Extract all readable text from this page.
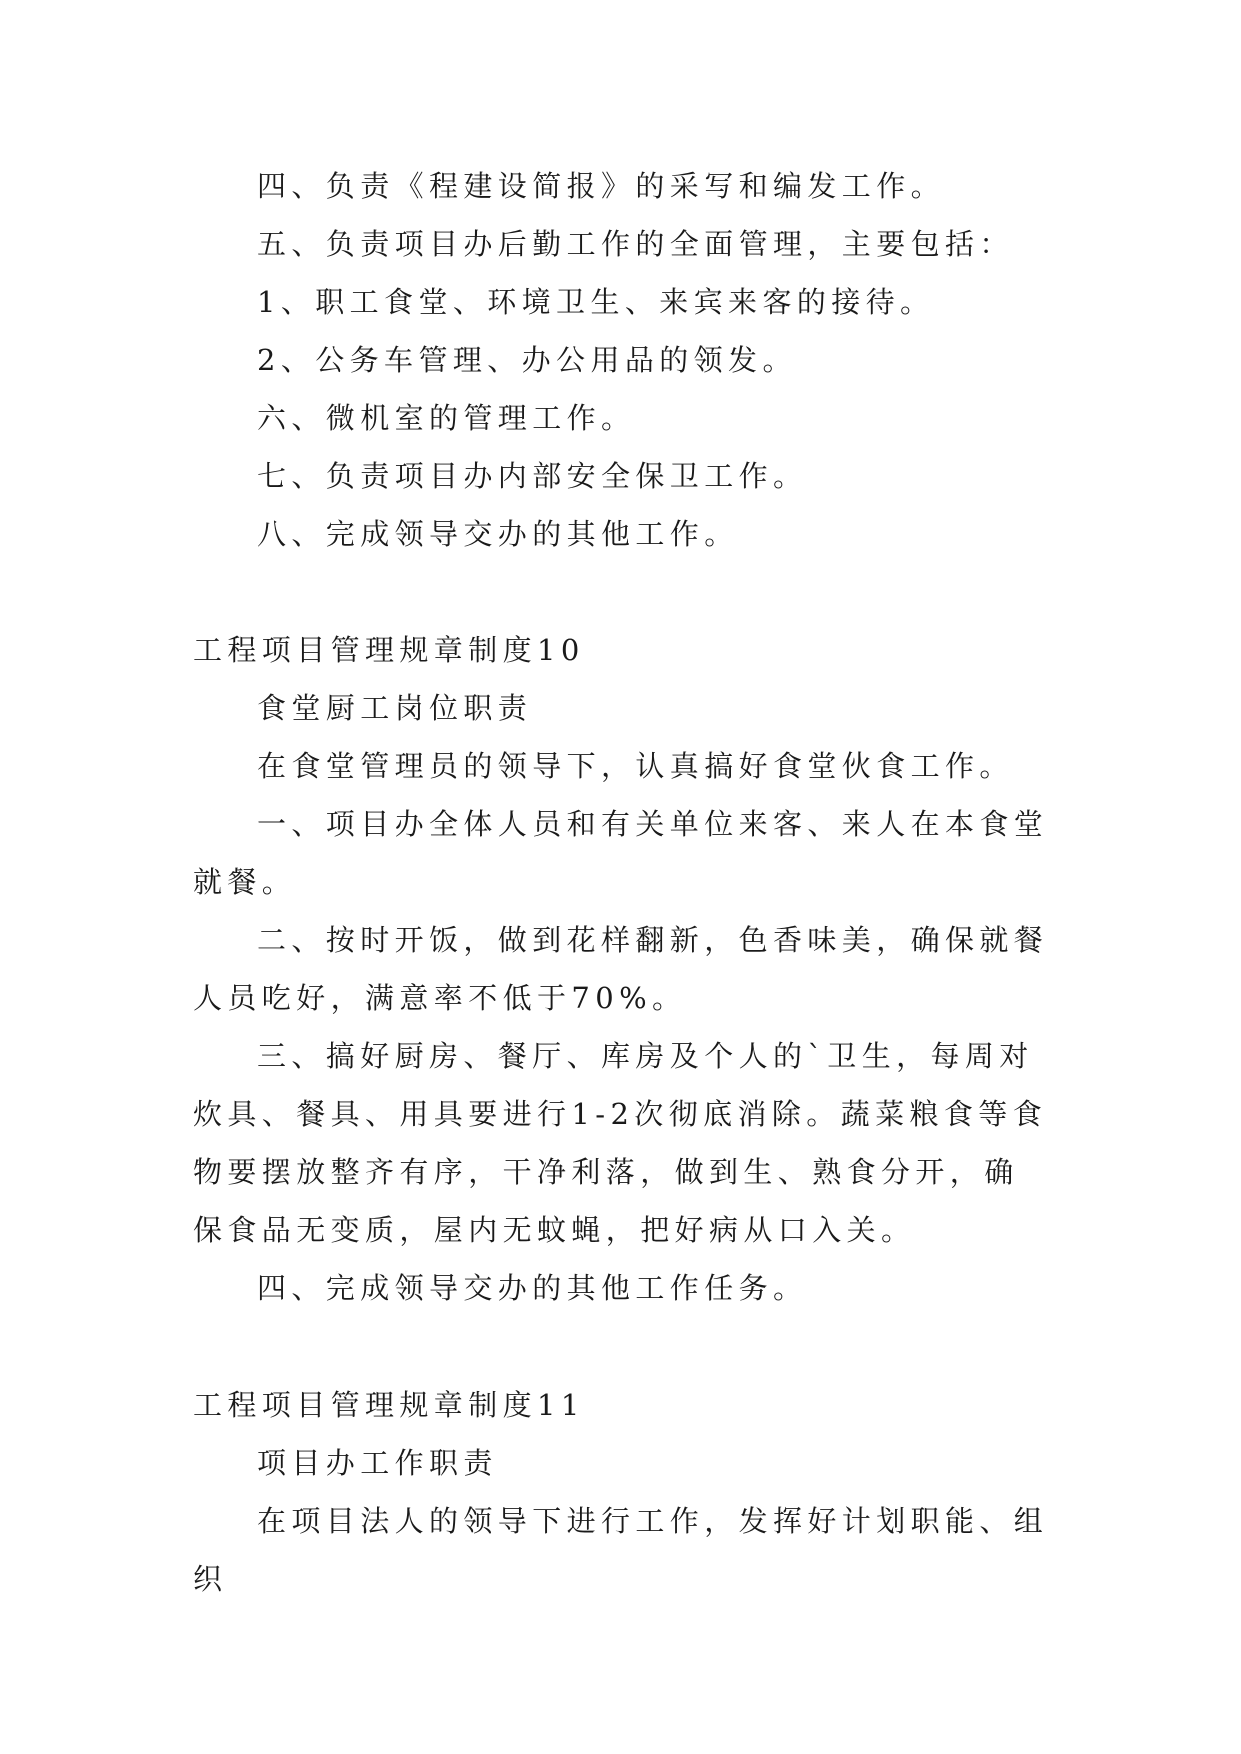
四、负责《程建设简报》的采写和编发工作。

五、负责项目办后勤工作的全面管理，主要包括：

1、职工食堂、环境卫生、来宾来客的接待。

2、公务车管理、办公用品的领发。

六、微机室的管理工作。

七、负责项目办内部安全保卫工作。

八、完成领导交办的其他工作。

工程项目管理规章制度10

食堂厨工岗位职责

在食堂管理员的领导下，认真搞好食堂伙食工作。

一、项目办全体人员和有关单位来客、来人在本食堂就餐。

二、按时开饭，做到花样翻新，色香味美，确保就餐人员吃好，满意率不低于70%。

三、搞好厨房、餐厅、库房及个人的`卫生，每周对炊具、餐具、用具要进行1-2次彻底消除。蔬菜粮食等食物要摆放整齐有序，干净利落，做到生、熟食分开，确保食品无变质，屋内无蚊蝇，把好病从口入关。

四、完成领导交办的其他工作任务。

工程项目管理规章制度11

项目办工作职责

在项目法人的领导下进行工作，发挥好计划职能、组织
